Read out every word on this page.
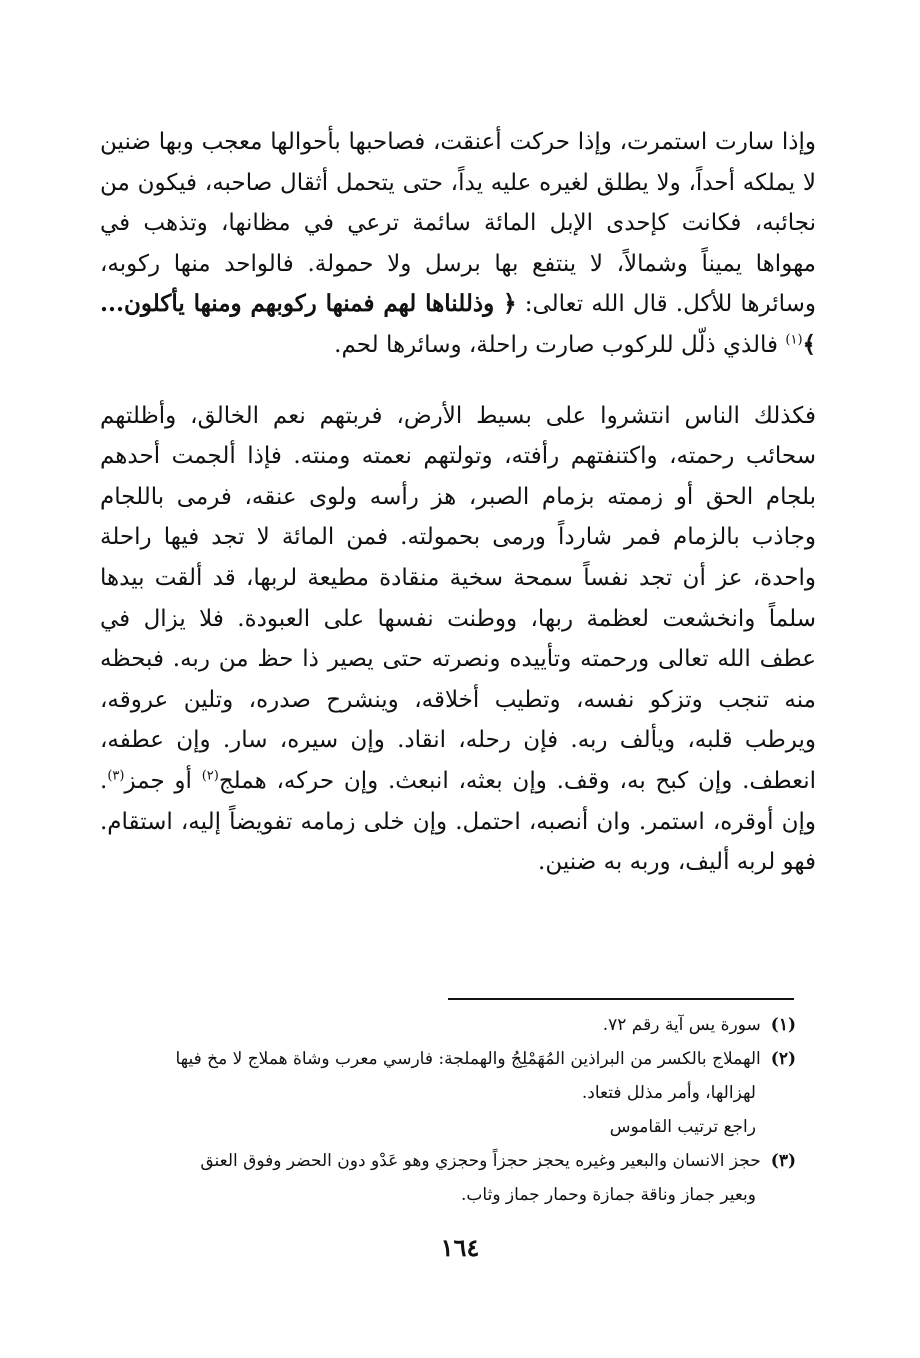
وإذا سارت استمرت، وإذا حركت أعنقت، فصاحبها بأحوالها معجب وبها ضنين لا يملكه أحداً، ولا يطلق لغيره عليه يداً، حتى يتحمل أثقال صاحبه، فيكون من نجائبه، فكانت كإحدى الإبل المائة سائمة ترعي في مظانها، وتذهب في مهواها يميناً وشمالاً، لا ينتفع بها برسل ولا حمولة. فالواحد منها ركوبه، وسائرها للأكل. قال الله تعالى: ﴿ وذللناها لهم فمنها ركوبهم ومنها يأكلون... ﴾$^{(١)}$ فالذي ذلّل للركوب صارت راحلة، وسائرها لحم.

فكذلك الناس انتشروا على بسيط الأرض، فربتهم نعم الخالق، وأظلتهم سحائب رحمته، واكتنفتهم رأفته، وتولتهم نعمته ومنته. فإذا ألجمت أحدهم بلجام الحق أو زممته بزمام الصبر، هز رأسه ولوى عنقه، فرمى باللجام وجاذب بالزمام فمر شارداً ورمى بحمولته. فمن المائة لا تجد فيها راحلة واحدة، عز أن تجد نفساً سمحة سخية منقادة مطيعة لربها، قد ألقت بيدها سلماً وانخشعت لعظمة ربها، ووطنت نفسها على العبودة. فلا يزال في عطف الله تعالى ورحمته وتأييده ونصرته حتى يصير ذا حظ من ربه. فبحظه منه تنجب وتزكو نفسه، وتطيب أخلاقه، وينشرح صدره، وتلين عروقه، ويرطب قلبه، ويألف ربه. فإن رحله، انقاد. وإن سيره، سار. وإن عطفه، انعطف. وإن كبح به، وقف. وإن بعثه، انبعث. وإن حركه، هملج$^{(٢)}$ أو جمز$^{(٣)}$. وإن أوقره، استمر. وان أنصبه، احتمل. وإن خلى زمامه تفويضاً إليه، استقام. فهو لربه أليف، وربه به ضنين.

(١)سورة يس آية رقم ٧٢.

(٢)الهملاج بالكسر من البراذين المُهَمْلِجُ والهملجة: فارسي معرب وشاة هملاج لا مخ فيها

لهزالها، وأمر مذلل فتعاد.

راجع ترتيب القاموس

(٣)حجز الانسان والبعير وغيره يحجز حجزاً وحجزي وهو عَدْو دون الحضر وفوق العنق

وبعير جماز وناقة جمازة وحمار جماز وثاب.

١٦٤
